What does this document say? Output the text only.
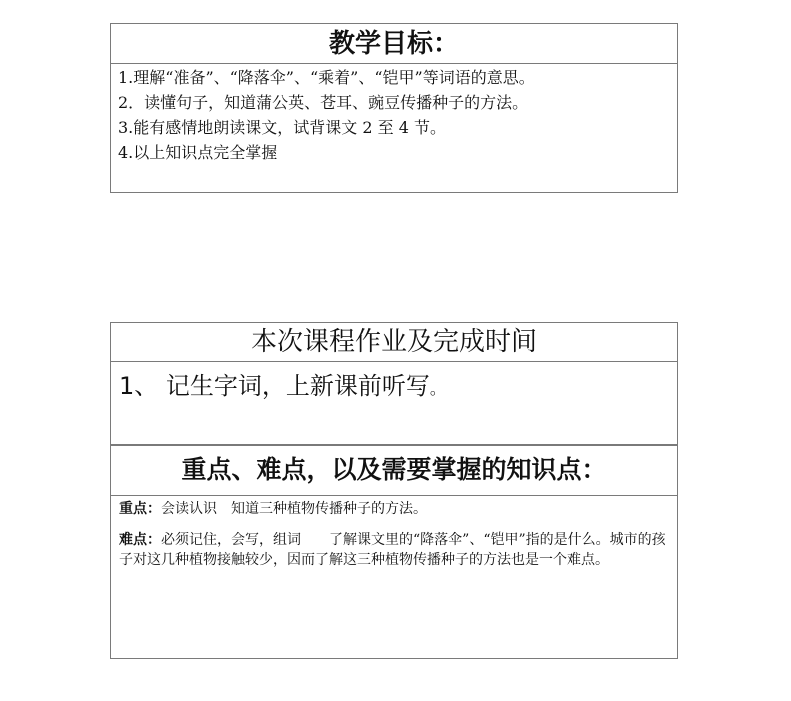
教学目标：

1.理解“准备”、“降落伞”、“乘着”、“铠甲”等词语的意思。

2．读懂句子，知道蒲公英、苍耳、豌豆传播种子的方法。

3.能有感情地朗读课文，试背课文 2 至 4 节。

4.以上知识点完全掌握

本次课程作业及完成时间
1、 记生字词，上新课前听写。
重点、难点，以及需要掌握的知识点：

重点：会读认识　知道三种植物传播种子的方法。

难点：必须记住，会写，组词　　了解课文里的“降落伞”、“铠甲”指的是什么。城市的孩子对这几种植物接触较少，因而了解这三种植物传播种子的方法也是一个难点。
